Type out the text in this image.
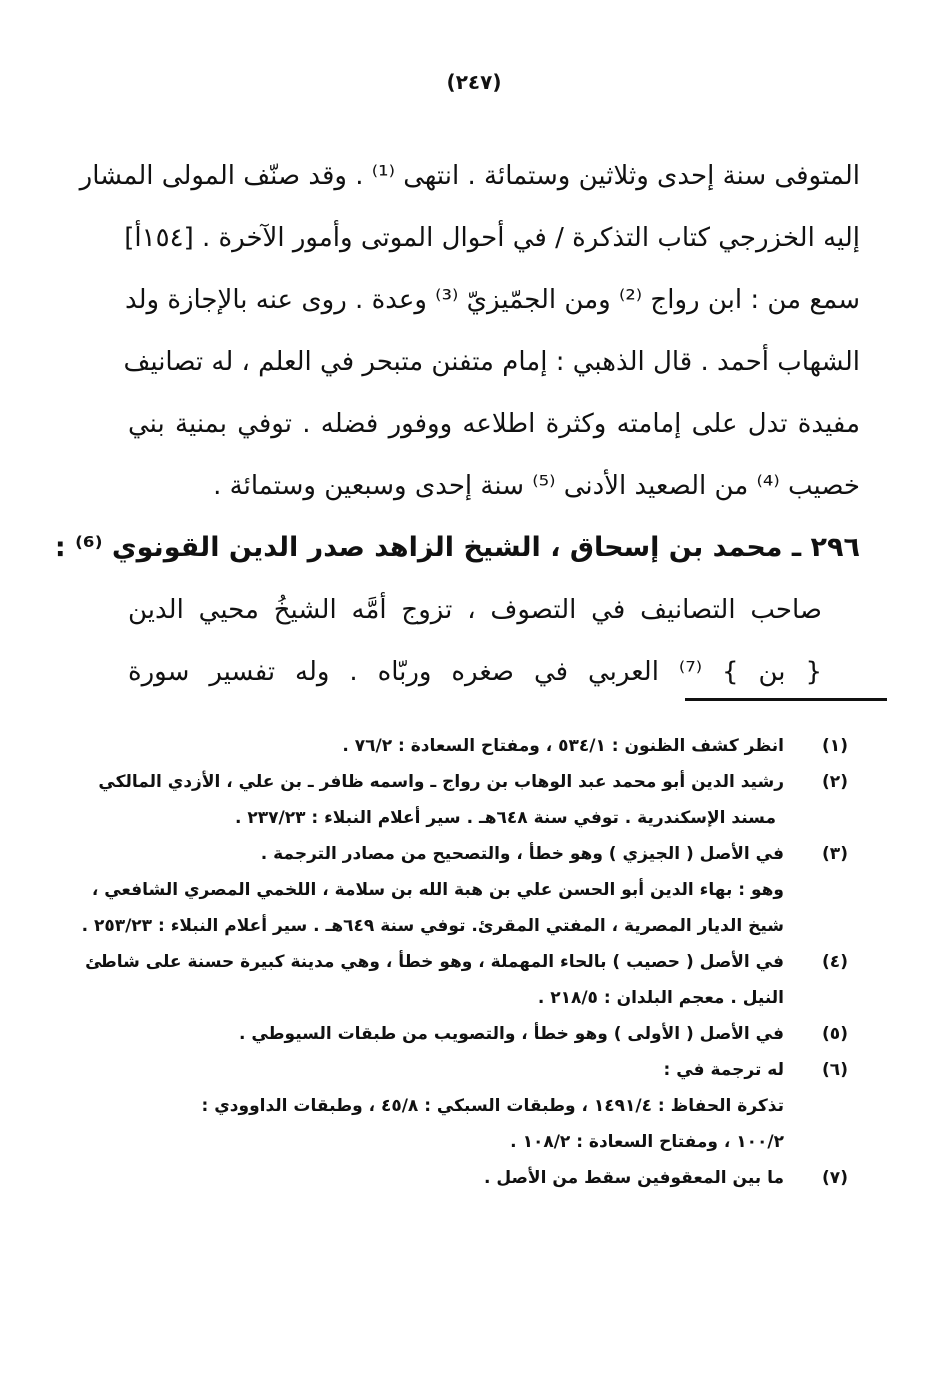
(٢٤٧)
المتوفى سنة إحدى وثلاثين وستمائة . انتهى ⁽¹⁾ . وقد صنّف المولى المشار
إليه الخزرجي كتاب التذكرة / في أحوال الموتى وأمور الآخرة . [١٥٤أ]
سمع من : ابن رواج ⁽²⁾ ومن الجمّيزيّ ⁽³⁾ وعدة . روى عنه بالإجازة ولد
الشهاب أحمد . قال الذهبي : إمام متفنن متبحر في العلم ، له تصانيف
مفيدة تدل على إمامته وكثرة اطلاعه ووفور فضله . توفي بمنية بني
خصيب ⁽⁴⁾ من الصعيد الأدنى ⁽⁵⁾ سنة إحدى وسبعين وستمائة .
٢٩٦ ـ محمد بن إسحاق ، الشيخ الزاهد صدر الدين القونوي ⁽⁶⁾ :
صاحب التصانيف في التصوف ، تزوج أمَّه الشيخُ محيي الدين
{ بن } ⁽⁷⁾ العربي في صغره وربّاه . وله تفسير سورة
(١)
انظر كشف الظنون : ٥٣٤/١ ، ومفتاح السعادة : ٧٦/٢ .
(٢)
رشيد الدين أبو محمد عبد الوهاب بن رواج ـ واسمه ظافر ـ بن علي ، الأزدي المالكي
مسند الإسكندرية . توفي سنة ٦٤٨هـ . سير أعلام النبلاء : ٢٣٧/٢٣ .
(٣)
في الأصل ( الجيزي ) وهو خطأ ، والتصحيح من مصادر الترجمة .
وهو : بهاء الدين أبو الحسن علي بن هبة الله بن سلامة ، اللخمي المصري الشافعي ،
شيخ الديار المصرية ، المفتي المقرئ. توفي سنة ٦٤٩هـ . سير أعلام النبلاء : ٢٥٣/٢٣ .
(٤)
في الأصل ( حصيب ) بالحاء المهملة ، وهو خطأ ، وهي مدينة كبيرة حسنة على شاطئ
النيل . معجم البلدان : ٢١٨/٥ .
(٥)
في الأصل ( الأولى ) وهو خطأ ، والتصويب من طبقات السيوطي .
(٦)
له ترجمة في :
تذكرة الحفاظ : ١٤٩١/٤ ، وطبقات السبكي : ٤٥/٨ ، وطبقات الداوودي :
١٠٠/٢ ، ومفتاح السعادة : ١٠٨/٢ .
(٧)
ما بين المعقوفين سقط من الأصل .
